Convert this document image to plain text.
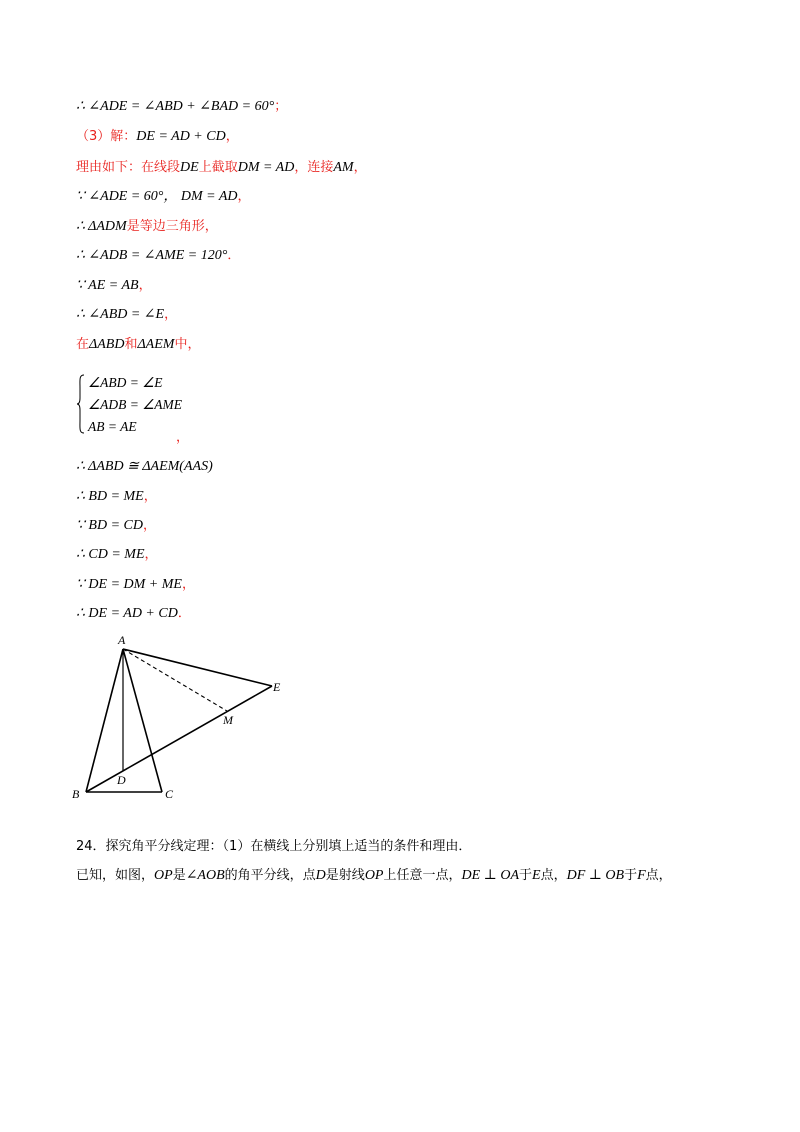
∴ ∠ADE = ∠ABD + ∠BAD = 60°；
（3）解：DE = AD + CD，
理由如下：在线段DE上截取DM = AD，连接AM，
∵ ∠ADE = 60°， DM = AD，
∴ ΔADM是等边三角形，
∴ ∠ADB = ∠AME = 120°．
∵ AE = AB，
∴ ∠ABD = ∠E，
在ΔABD和ΔAEM中，
∠ABD = ∠E
∠ADB = ∠AME
AB = AE
，
∴ ΔABD ≅ ΔAEM(AAS)
∴ BD = ME，
∵ BD = CD，
∴ CD = ME，
∵ DE = DM + ME，
∴ DE = AD + CD．
A
B	C
D
E
M
24．探究角平分线定理：（1）在横线上分别填上适当的条件和理由．
已知，如图，OP是∠AOB的角平分线，点D是射线OP上任意一点，DE ⊥ OA于E点，DF ⊥ OB于F点，
